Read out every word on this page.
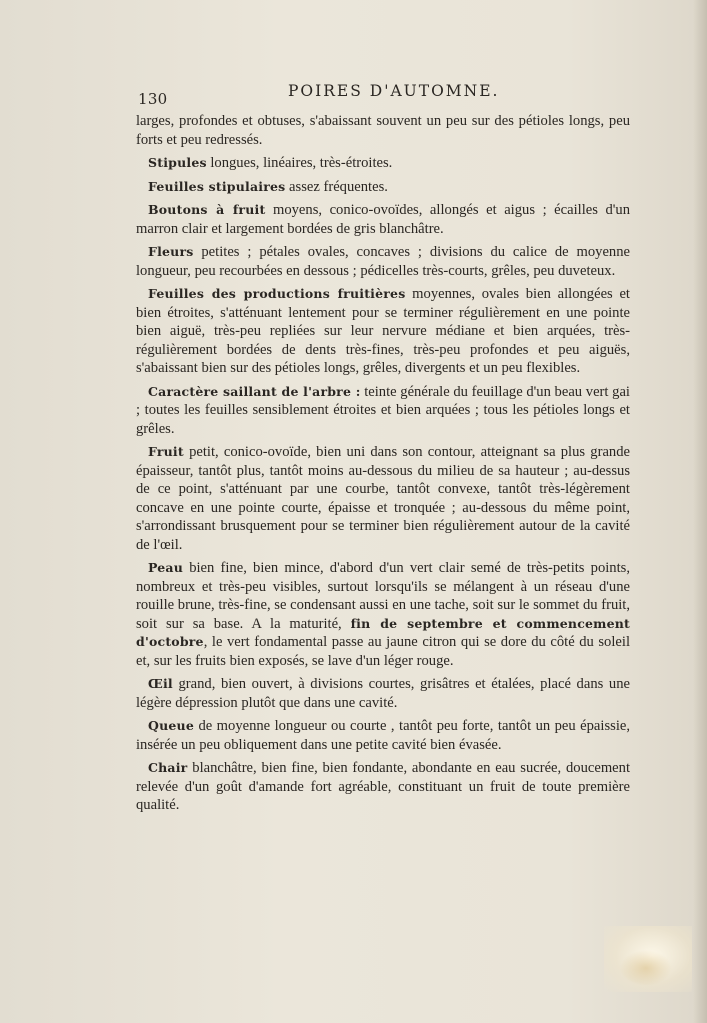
130	POIRES D'AUTOMNE.

larges, profondes et obtuses, s'abaissant souvent un peu sur des pétioles longs, peu forts et peu redressés.

Stipules longues, linéaires, très-étroites.

Feuilles stipulaires assez fréquentes.

Boutons à fruit moyens, conico-ovoïdes, allongés et aigus ; écailles d'un marron clair et largement bordées de gris blanchâtre.

Fleurs petites ; pétales ovales, concaves ; divisions du calice de moyenne longueur, peu recourbées en dessous ; pédicelles très-courts, grêles, peu duveteux.

Feuilles des productions fruitières moyennes, ovales bien allongées et bien étroites, s'atténuant lentement pour se terminer régulièrement en une pointe bien aiguë, très-peu repliées sur leur nervure médiane et bien arquées, très-régulièrement bordées de dents très-fines, très-peu profondes et peu aiguës, s'abaissant bien sur des pétioles longs, grêles, divergents et un peu flexibles.

Caractère saillant de l'arbre : teinte générale du feuillage d'un beau vert gai ; toutes les feuilles sensiblement étroites et bien arquées ; tous les pétioles longs et grêles.

Fruit petit, conico-ovoïde, bien uni dans son contour, atteignant sa plus grande épaisseur, tantôt plus, tantôt moins au-dessous du milieu de sa hauteur ; au-dessus de ce point, s'atténuant par une courbe, tantôt convexe, tantôt très-légèrement concave en une pointe courte, épaisse et tronquée ; au-dessous du même point, s'arrondissant brusquement pour se terminer bien régulièrement autour de la cavité de l'œil.

Peau bien fine, bien mince, d'abord d'un vert clair semé de très-petits points, nombreux et très-peu visibles, surtout lorsqu'ils se mélangent à un réseau d'une rouille brune, très-fine, se condensant aussi en une tache, soit sur le sommet du fruit, soit sur sa base. A la maturité, fin de septembre et commencement d'octobre, le vert fondamental passe au jaune citron qui se dore du côté du soleil et, sur les fruits bien exposés, se lave d'un léger rouge.

Œil grand, bien ouvert, à divisions courtes, grisâtres et étalées, placé dans une légère dépression plutôt que dans une cavité.

Queue de moyenne longueur ou courte , tantôt peu forte, tantôt un peu épaissie, insérée un peu obliquement dans une petite cavité bien évasée.

Chair blanchâtre, bien fine, bien fondante, abondante en eau sucrée, doucement relevée d'un goût d'amande fort agréable, constituant un fruit de toute première qualité.
